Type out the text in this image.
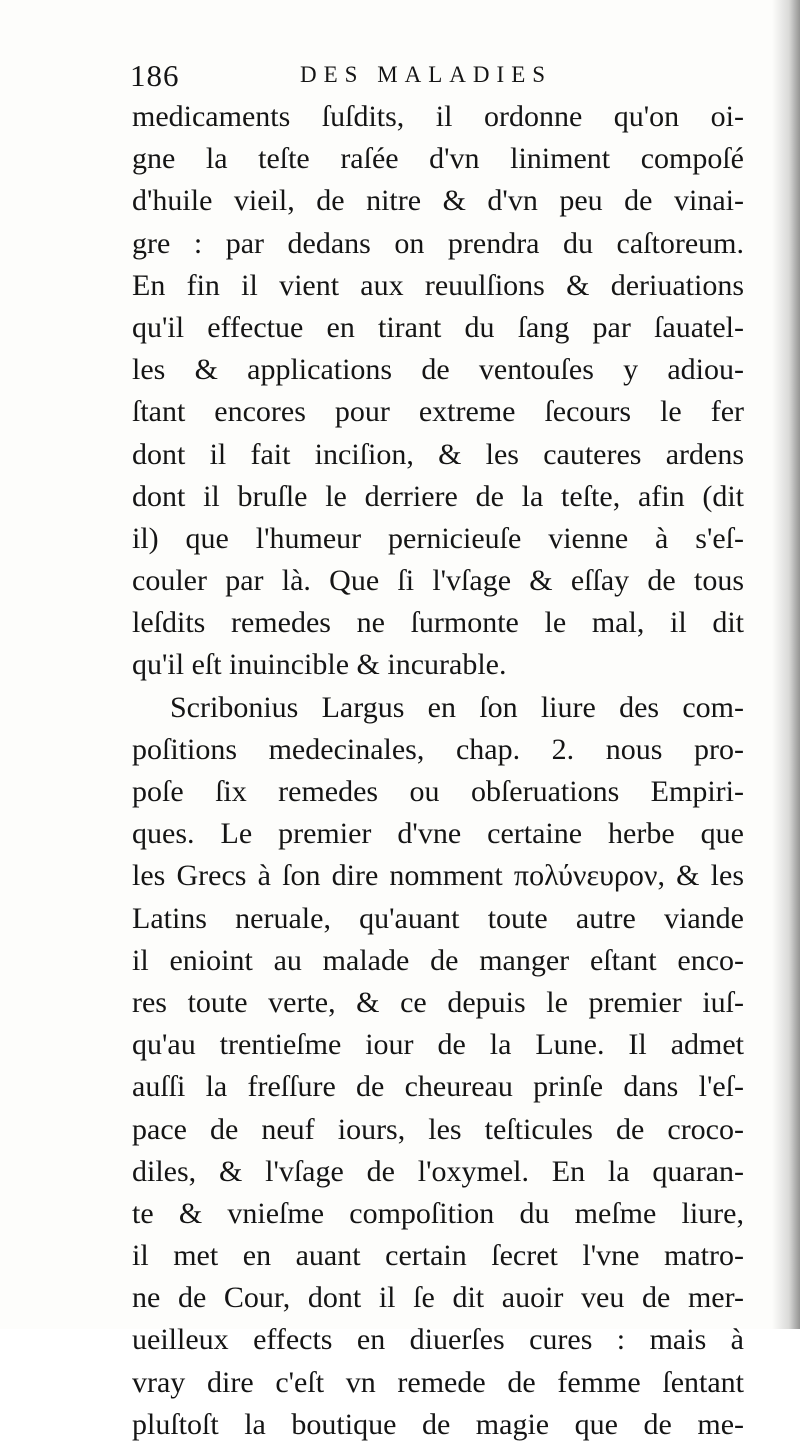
186	DES MALADIES
medicaments ſuſdits, il ordonne qu'on oi-
gne la teſte raſée d'vn liniment compoſé
d'huile vieil, de nitre & d'vn peu de vinai-
gre : par dedans on prendra du caſtoreum.
En fin il vient aux reuulſions & deriuations
qu'il effectue en tirant du ſang par ſauatel-
les & applications de ventouſes y adiou-
ſtant encores pour extreme ſecours le fer
dont il fait inciſion, & les cauteres ardens
dont il bruſle le derriere de la teſte, afin (dit
il) que l'humeur pernicieuſe vienne à s'eſ-
couler par là. Que ſi l'vſage & eſſay de tous
leſdits remedes ne ſurmonte le mal, il dit
qu'il eſt inuincible & incurable.
Scribonius Largus en ſon liure des com-
poſitions medecinales, chap. 2. nous pro-
poſe ſix remedes ou obſeruations Empiri-
ques. Le premier d'vne certaine herbe que
les Grecs à ſon dire nomment πολύνευρον, & les
Latins neruale, qu'auant toute autre viande
il enioint au malade de manger eſtant enco-
res toute verte, & ce depuis le premier iuſ-
qu'au trentieſme iour de la Lune. Il admet
auſſi la freſſure de cheureau prinſe dans l'eſ-
pace de neuf iours, les teſticules de croco-
diles, & l'vſage de l'oxymel. En la quaran-
te & vnieſme compoſition du meſme liure,
il met en auant certain ſecret l'vne matro-
ne de Cour, dont il ſe dit auoir veu de mer-
ueilleux effects en diuerſes cures : mais à
vray dire c'eſt vn remede de femme ſentant
pluſtoſt la boutique de magie que de me-
